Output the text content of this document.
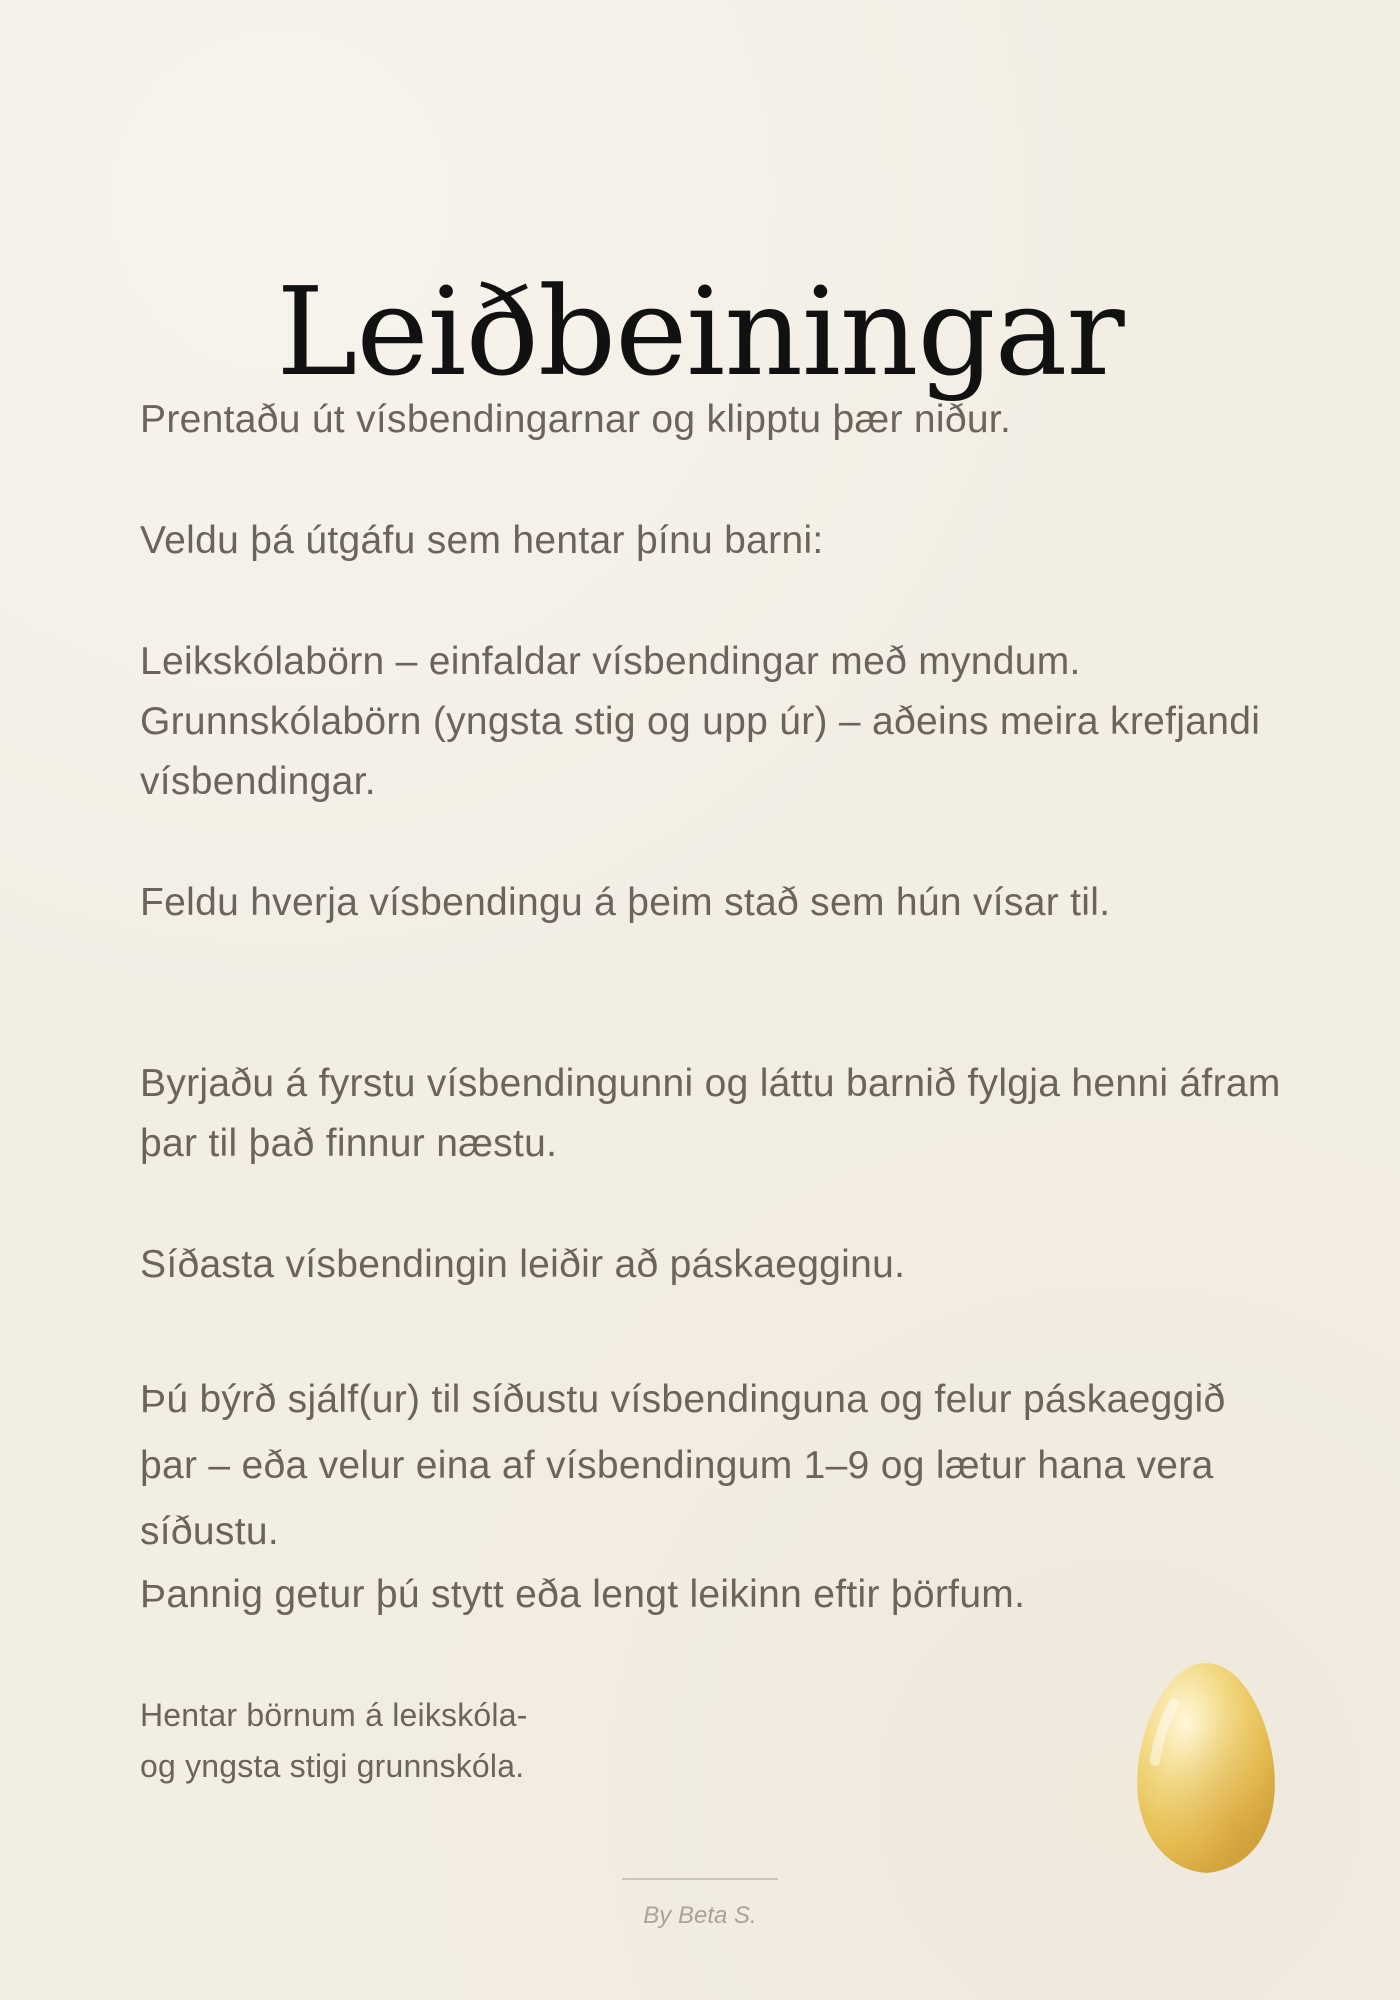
Leiðbeiningar
Prentaðu út vísbendingarnar og klipptu þær niður.
Veldu þá útgáfu sem hentar þínu barni:
Leikskólabörn – einfaldar vísbendingar með myndum.
Grunnskólabörn (yngsta stig og upp úr) – aðeins meira krefjandi vísbendingar.
Feldu hverja vísbendingu á þeim stað sem hún vísar til.
Byrjaðu á fyrstu vísbendingunni og láttu barnið fylgja henni áfram þar til það finnur næstu.
Síðasta vísbendingin leiðir að páskaegginu.
Þú býrð sjálf(ur) til síðustu vísbendinguna og felur páskaeggið þar – eða velur eina af vísbendingum 1–9 og lætur hana vera síðustu.
Þannig getur þú stytt eða lengt leikinn eftir þörfum.
Hentar börnum á leikskóla-
og yngsta stigi grunnskóla.
By Beta S.
